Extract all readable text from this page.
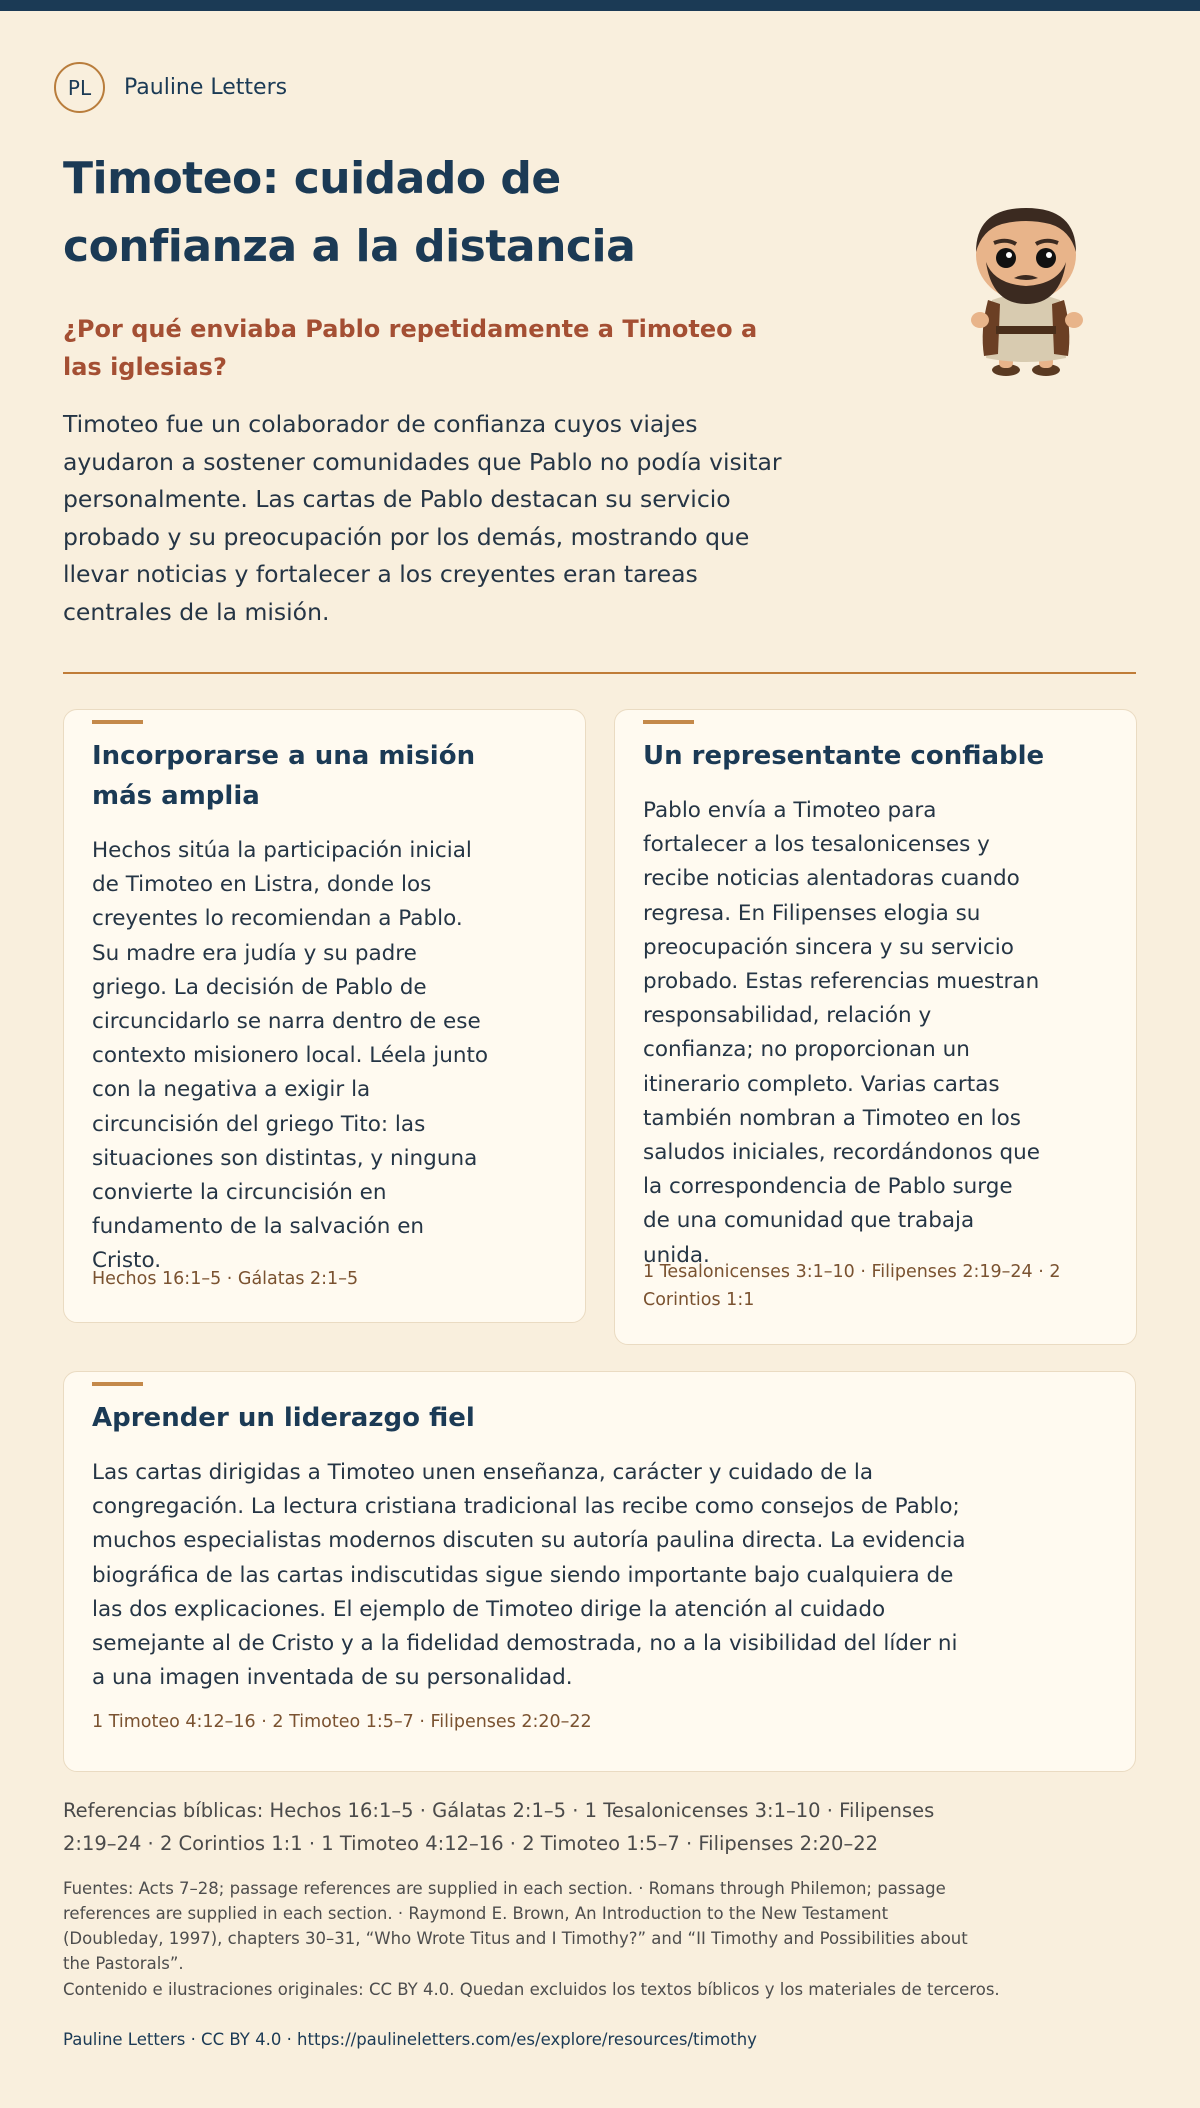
PL	Pauline Letters
Timoteo: cuidado de confianza a la distancia
¿Por qué enviaba Pablo repetidamente a Timoteo a las iglesias?

Timoteo fue un colaborador de confianza cuyos viajes ayudaron a sostener comunidades que Pablo no podía visitar personalmente. Las cartas de Pablo destacan su servicio probado y su preocupación por los demás, mostrando que llevar noticias y fortalecer a los creyentes eran tareas centrales de la misión.

Incorporarse a una misión más amplia

Hechos sitúa la participación inicial de Timoteo en Listra, donde los creyentes lo recomiendan a Pablo. Su madre era judía y su padre griego. La decisión de Pablo de circuncidarlo se narra dentro de ese contexto misionero local. Léela junto con la negativa a exigir la circuncisión del griego Tito: las situaciones son distintas, y ninguna convierte la circuncisión en fundamento de la salvación en Cristo.

Hechos 16:1–5 · Gálatas 2:1–5

Un representante confiable

Pablo envía a Timoteo para fortalecer a los tesalonicenses y recibe noticias alentadoras cuando regresa. En Filipenses elogia su preocupación sincera y su servicio probado. Estas referencias muestran responsabilidad, relación y confianza; no proporcionan un itinerario completo. Varias cartas también nombran a Timoteo en los saludos iniciales, recordándonos que la correspondencia de Pablo surge de una comunidad que trabaja unida.

1 Tesalonicenses 3:1–10 · Filipenses 2:19–24 · 2 Corintios 1:1

Aprender un liderazgo fiel

Las cartas dirigidas a Timoteo unen enseñanza, carácter y cuidado de la congregación. La lectura cristiana tradicional las recibe como consejos de Pablo; muchos especialistas modernos discuten su autoría paulina directa. La evidencia biográfica de las cartas indiscutidas sigue siendo importante bajo cualquiera de las dos explicaciones. El ejemplo de Timoteo dirige la atención al cuidado semejante al de Cristo y a la fidelidad demostrada, no a la visibilidad del líder ni a una imagen inventada de su personalidad.

1 Timoteo 4:12–16 · 2 Timoteo 1:5–7 · Filipenses 2:20–22

Referencias bíblicas: Hechos 16:1–5 · Gálatas 2:1–5 · 1 Tesalonicenses 3:1–10 · Filipenses 2:19–24 · 2 Corintios 1:1 · 1 Timoteo 4:12–16 · 2 Timoteo 1:5–7 · Filipenses 2:20–22

Fuentes: Acts 7–28; passage references are supplied in each section. · Romans through Philemon; passage references are supplied in each section. · Raymond E. Brown, An Introduction to the New Testament (Doubleday, 1997), chapters 30–31, “Who Wrote Titus and I Timothy?” and “II Timothy and Possibilities about the Pastorals”.

Contenido e ilustraciones originales: CC BY 4.0. Quedan excluidos los textos bíblicos y los materiales de terceros.

Pauline Letters · CC BY 4.0 · https://paulineletters.com/es/explore/resources/timothy
